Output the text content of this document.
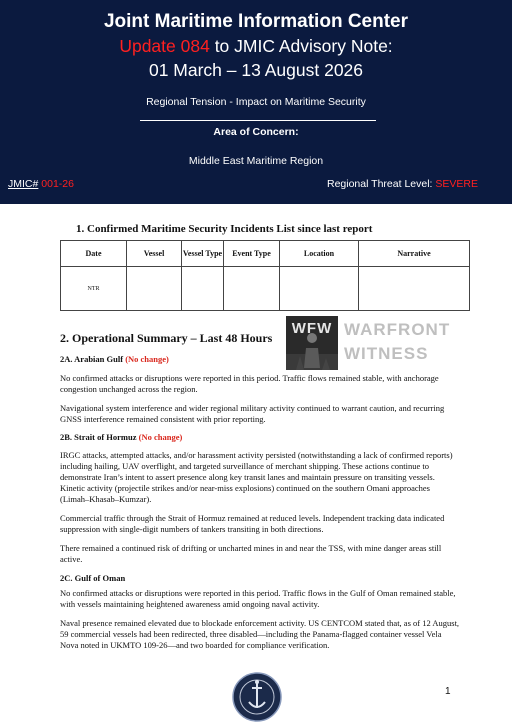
Joint Maritime Information Center
Update 084 to JMIC Advisory Note:
01 March – 13 August 2026
Regional Tension - Impact on Maritime Security
Area of Concern:
Middle East Maritime Region
JMIC# 001-26	Regional Threat Level: SEVERE
1. Confirmed Maritime Security Incidents List since last report
Date	Vessel	Vessel Type	Event Type	Location	Narrative
NTR					
2. Operational Summary – Last 48 Hours
WFW WARFRONT
WITNESS
2A. Arabian Gulf (No change)
No confirmed attacks or disruptions were reported in this period. Traffic flows remained stable, with anchorage congestion unchanged across the region.
Navigational system interference and wider regional military activity continued to warrant caution, and recurring GNSS interference remained consistent with prior reporting.
2B. Strait of Hormuz (No change)
IRGC attacks, attempted attacks, and/or harassment activity persisted (notwithstanding a lack of confirmed reports) including hailing, UAV overflight, and targeted surveillance of merchant shipping. These actions continue to demonstrate Iran’s intent to assert presence along key transit lanes and maintain pressure on transiting vessels. Kinetic activity (projectile strikes and/or near-miss explosions) continued on the southern Omani approaches (Limah–Khasab–Kumzar).
Commercial traffic through the Strait of Hormuz remained at reduced levels. Independent tracking data indicated suppression with single-digit numbers of tankers transiting in both directions.
There remained a continued risk of drifting or uncharted mines in and near the TSS, with mine danger areas still active.
2C. Gulf of Oman
No confirmed attacks or disruptions were reported in this period. Traffic flows in the Gulf of Oman remained stable, with vessels maintaining heightened awareness amid ongoing naval activity.
Naval presence remained elevated due to blockade enforcement activity. US CENTCOM stated that, as of 12 August, 59 commercial vessels had been redirected, three disabled—including the Panama-flagged container vessel Vela Nova noted in UKMTO 109-26—and two boarded for compliance verification.
1
